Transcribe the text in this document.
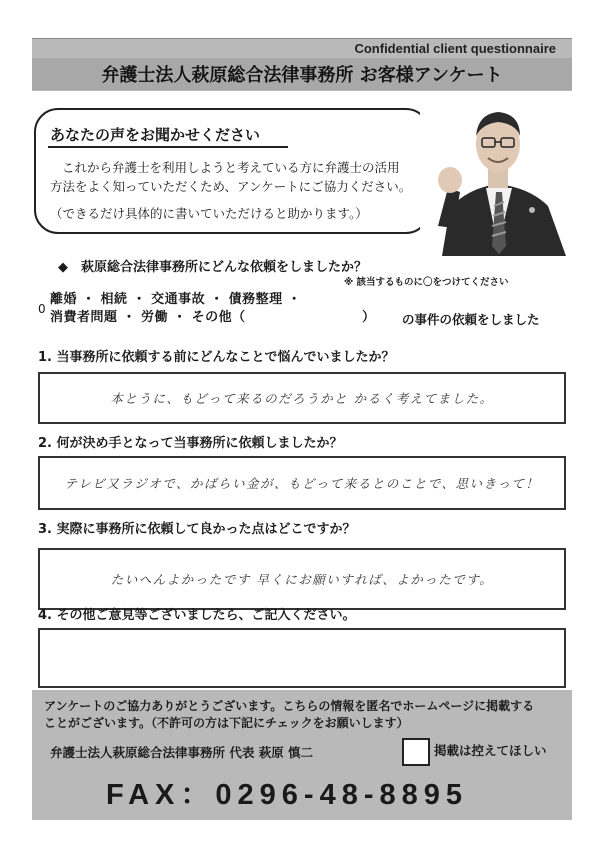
Confidential client questionnaire
弁護士法人萩原総合法律事務所 お客様アンケート
あなたの声をお聞かせください
これから弁護士を利用しようと考えている方に弁護士の活用
方法をよく知っていただくため、アンケートにご協力ください。
（できるだけ具体的に書いていただけると助かります。）
◆　萩原総合法律事務所にどんな依頼をしましたか？
※ 該当するものに〇をつけてください
離婚 ・ 相続 ・ 交通事故 ・ 債務整理 ・
0
消費者問題 ・ 労働 ・ その他（	） の事件の依頼をしました
1. 当事務所に依頼する前にどんなことで悩んでいましたか？
本とうに、もどって来るのだろうかと かるく考えてました。
2. 何が決め手となって当事務所に依頼しましたか？
テレビ又ラジオで、かばらい金が、もどって来るとのことで、思いきって！
3. 実際に事務所に依頼して良かった点はどこですか？
たいへんよかったです 早くにお願いすれば、よかったです。
4. その他ご意見等ございましたら、ご記入ください。
アンケートのご協力ありがとうございます。こちらの情報を匿名でホームページに掲載する
ことがございます。（不許可の方は下記にチェックをお願いします）
弁護士法人萩原総合法律事務所 代表 萩原 慎二	掲載は控えてほしい
FAX：0296-48-8895
